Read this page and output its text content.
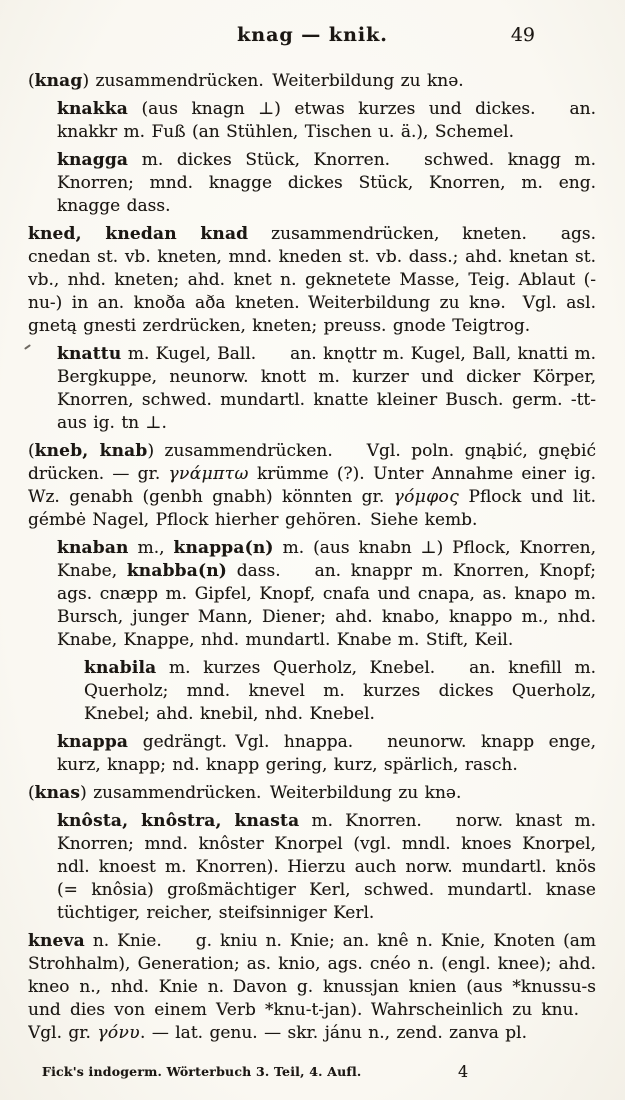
knag — knik.	49

(knag) zusammendrücken. Weiterbildung zu knə.

knakka (aus knagn ⊥) etwas kurzes und dickes.  an. knakkr m. Fuß (an Stühlen, Tischen u. ä.), Schemel.

knagga m. dickes Stück, Knorren.  schwed. knagg m. Knorren; mnd. knagge dickes Stück, Knorren, m. eng. knagge dass.

kned, knedan knad zusammendrücken, kneten.  ags. cnedan st. vb. kneten, mnd. kneden st. vb. dass.; ahd. knetan st. vb., nhd. kneten; ahd. knet n. geknetete Masse, Teig. Ablaut (-nu-) in an. knoða aða kneten. Weiterbildung zu knə. Vgl. asl. gnetą gnesti zerdrücken, kneten; preuss. gnode Teigtrog.

knattu m. Kugel, Ball.  an. knǫttr m. Kugel, Ball, knatti m. Bergkuppe, neunorw. knott m. kurzer und dicker Körper, Knorren, schwed. mundartl. knatte kleiner Busch. germ. -tt- aus ig. tn ⊥.

(kneb, knab) zusammendrücken.  Vgl. poln. gnąbić, gnębić drücken. — gr. γνάμπτω krümme (?). Unter Annahme einer ig. Wz. genabh (genbh gnabh) könnten gr. γόμφος Pflock und lit. gémbė Nagel, Pflock hierher gehören. Siehe kemb.

knaban m., knappa(n) m. (aus knabn ⊥) Pflock, Knorren, Knabe, knabba(n) dass.  an. knappr m. Knorren, Knopf; ags. cnæpp m. Gipfel, Knopf, cnafa und cnapa, as. knapo m. Bursch, junger Mann, Diener; ahd. knabo, knappo m., nhd. Knabe, Knappe, nhd. mundartl. Knabe m. Stift, Keil.

knabila m. kurzes Querholz, Knebel.  an. knefill m. Querholz; mnd. knevel m. kurzes dickes Querholz, Knebel; ahd. knebil, nhd. Knebel.

knappa gedrängt. Vgl. hnappa.  neunorw. knapp enge, kurz, knapp; nd. knapp gering, kurz, spärlich, rasch.

(knas) zusammendrücken. Weiterbildung zu knə.

knôsta, knôstra, knasta m. Knorren.  norw. knast m. Knorren; mnd. knôster Knorpel (vgl. mndl. knoes Knorpel, ndl. knoest m. Knorren). Hierzu auch norw. mundartl. knös (= knôsia) großmächtiger Kerl, schwed. mundartl. knase tüchtiger, reicher, steifsinniger Kerl.

kneva n. Knie.  g. kniu n. Knie; an. knê n. Knie, Knoten (am Strohhalm), Generation; as. knio, ags. cnéo n. (engl. knee); ahd. kneo n., nhd. Knie n. Davon g. knussjan knien (aus *knussu-s und dies von einem Verb *knu-t-jan). Wahrscheinlich zu knu. Vgl. gr. γόνυ. — lat. genu. — skr. jánu n., zend. zanva pl.

Fick's indogerm. Wörterbuch 3. Teil, 4. Aufl.	4
